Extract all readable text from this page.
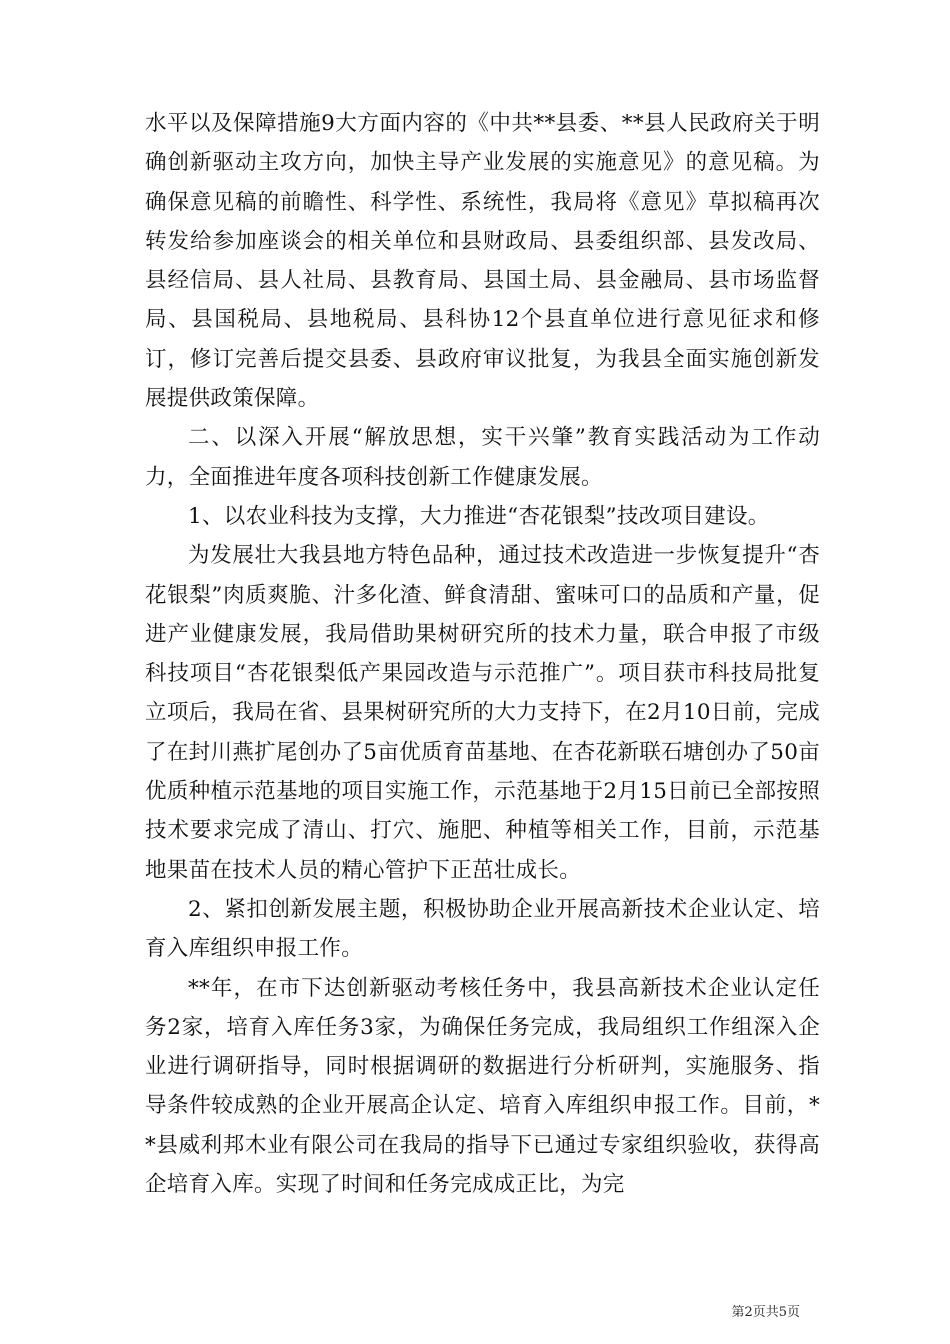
水平以及保障措施9大方面内容的《中共**县委、**县人民政府关于明确创新驱动主攻方向，加快主导产业发展的实施意见》的意见稿。为确保意见稿的前瞻性、科学性、系统性，我局将《意见》草拟稿再次转发给参加座谈会的相关单位和县财政局、县委组织部、县发改局、县经信局、县人社局、县教育局、县国土局、县金融局、县市场监督局、县国税局、县地税局、县科协12个县直单位进行意见征求和修订，修订完善后提交县委、县政府审议批复，为我县全面实施创新发展提供政策保障。

二、以深入开展“解放思想，实干兴肇”教育实践活动为工作动力，全面推进年度各项科技创新工作健康发展。

1、以农业科技为支撑，大力推进“杏花银梨”技改项目建设。

为发展壮大我县地方特色品种，通过技术改造进一步恢复提升“杏花银梨”肉质爽脆、汁多化渣、鲜食清甜、蜜味可口的品质和产量，促进产业健康发展，我局借助果树研究所的技术力量，联合申报了市级科技项目“杏花银梨低产果园改造与示范推广”。项目获市科技局批复立项后，我局在省、县果树研究所的大力支持下，在2月10日前，完成了在封川燕扩尾创办了5亩优质育苗基地、在杏花新联石塘创办了50亩优质种植示范基地的项目实施工作，示范基地于2月15日前已全部按照技术要求完成了清山、打穴、施肥、种植等相关工作，目前，示范基地果苗在技术人员的精心管护下正茁壮成长。

2、紧扣创新发展主题，积极协助企业开展高新技术企业认定、培育入库组织申报工作。

**年，在市下达创新驱动考核任务中，我县高新技术企业认定任务2家，培育入库任务3家，为确保任务完成，我局组织工作组深入企业进行调研指导，同时根据调研的数据进行分析研判，实施服务、指导条件较成熟的企业开展高企认定、培育入库组织申报工作。目前，**县威利邦木业有限公司在我局的指导下已通过专家组织验收，获得高企培育入库。实现了时间和任务完成成正比，为完

第2页共5页
